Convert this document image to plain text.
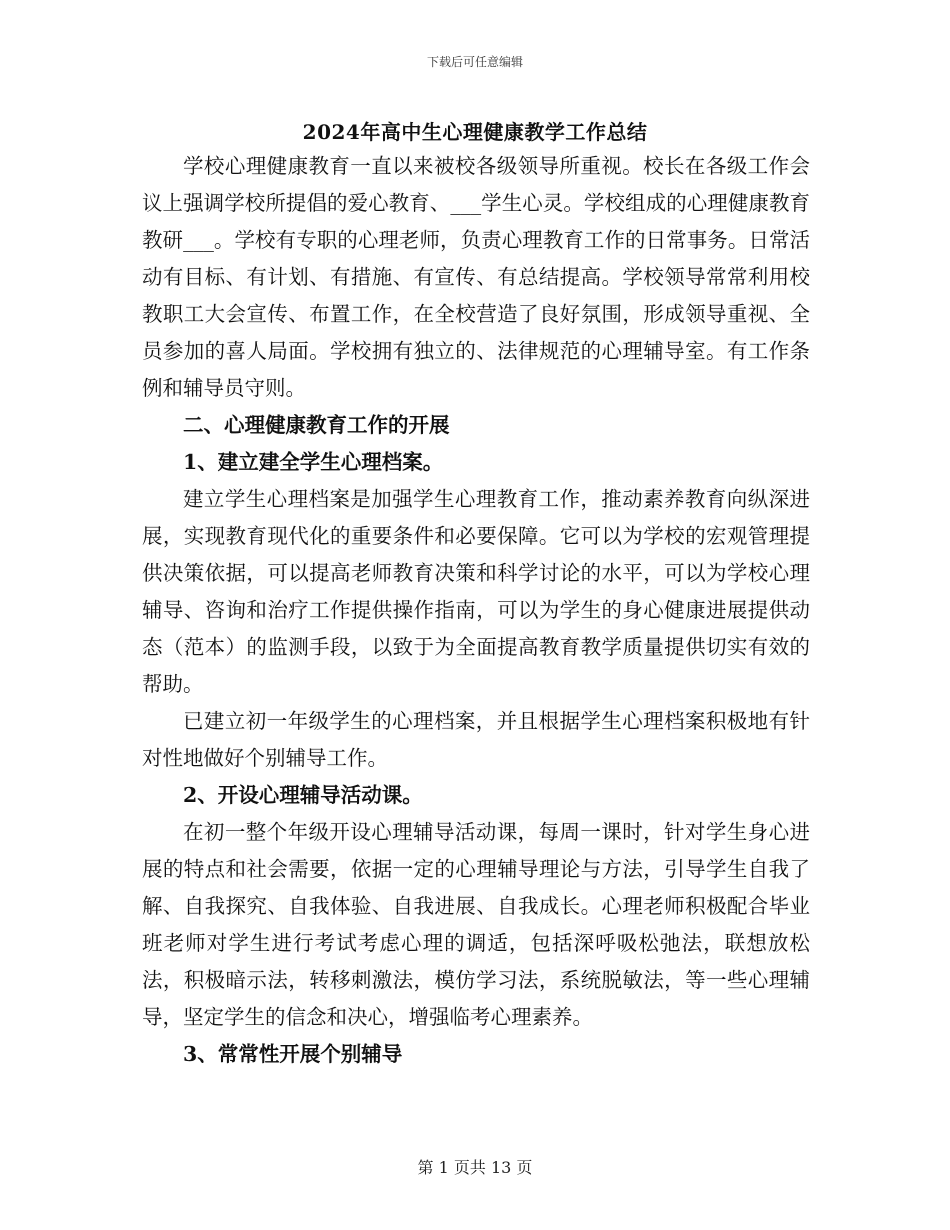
下载后可任意编辑
2024年高中生心理健康教学工作总结

学校心理健康教育一直以来被校各级领导所重视。校长在各级工作会议上强调学校所提倡的爱心教育、___学生心灵。学校组成的心理健康教育教研___。学校有专职的心理老师，负责心理教育工作的日常事务。日常活动有目标、有计划、有措施、有宣传、有总结提高。学校领导常常利用校教职工大会宣传、布置工作，在全校营造了良好氛围，形成领导重视、全员参加的喜人局面。学校拥有独立的、法律规范的心理辅导室。有工作条例和辅导员守则。

二、心理健康教育工作的开展

1、建立建全学生心理档案。

建立学生心理档案是加强学生心理教育工作，推动素养教育向纵深进展，实现教育现代化的重要条件和必要保障。它可以为学校的宏观管理提供决策依据，可以提高老师教育决策和科学讨论的水平，可以为学校心理辅导、咨询和治疗工作提供操作指南，可以为学生的身心健康进展提供动态（范本）的监测手段，以致于为全面提高教育教学质量提供切实有效的帮助。

已建立初一年级学生的心理档案，并且根据学生心理档案积极地有针对性地做好个别辅导工作。

2、开设心理辅导活动课。

在初一整个年级开设心理辅导活动课，每周一课时，针对学生身心进展的特点和社会需要，依据一定的心理辅导理论与方法，引导学生自我了解、自我探究、自我体验、自我进展、自我成长。心理老师积极配合毕业班老师对学生进行考试考虑心理的调适，包括深呼吸松弛法，联想放松法，积极暗示法，转移刺激法，模仿学习法，系统脱敏法，等一些心理辅导，坚定学生的信念和决心，增强临考心理素养。

3、常常性开展个别辅导

第 1 页共 13 页
